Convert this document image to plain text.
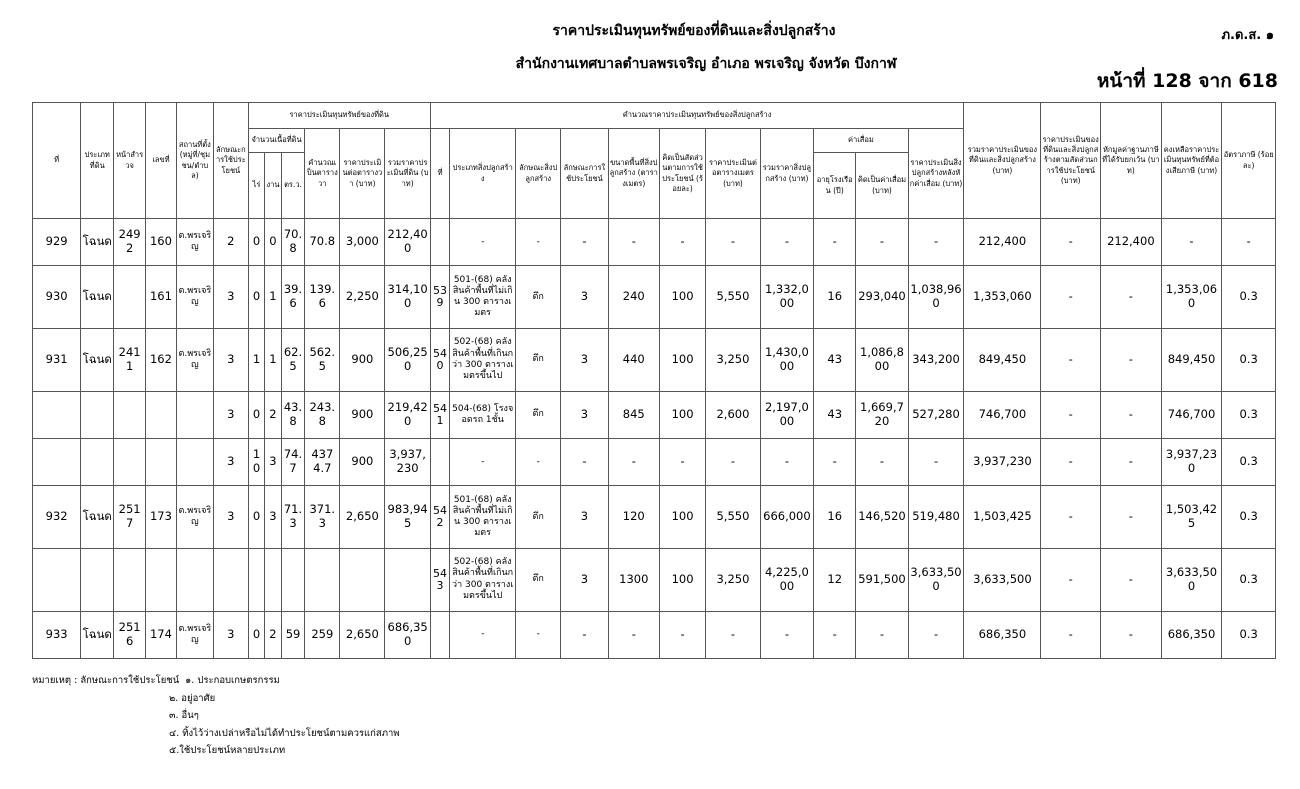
ราคาประเมินทุนทรัพย์ของที่ดินและสิ่งปลูกสร้าง
สำนักงานเทศบาลตำบลพรเจริญ อำเภอ พรเจริญ จังหวัด บึงกาฬ
ภ.ด.ส. ๑
หน้าที่ 128 จาก 618
ที่	ประเภทที่ดิน	หน้าสำรวจ	เลขที่	สถานที่ตั้ง(หมู่ที่/ชุมชน/ตำบล)	ลักษณะการใช้ประโยชน์	ราคาประเมินทุนทรัพย์ของที่ดิน						คำนวณราคาประเมินทุนทรัพย์ของสิ่งปลูกสร้าง											รวมราคาประเมินของที่ดินและสิ่งปลูกสร้าง (บาท)	ราคาประเมินของที่ดินและสิ่งปลูกสร้างตามสัดส่วนการใช้ประโยชน์ (บาท)	หักมูลค่าฐานภาษีที่ได้รับยกเว้น (บาท)	คงเหลือราคาประเมินทุนทรัพย์ที่ต้องเสียภาษี (บาท)	อัตราภาษี (ร้อยละ)
						จำนวนเนื้อที่ดิน			คำนวณเป็นตารางวา	ราคาประเมินต่อตารางวา (บาท)	รวมราคาประเมินที่ดิน (บาท)	ที่	ประเภทสิ่งปลูกสร้าง	ลักษณะสิ่งปลูกสร้าง	ลักษณะการใช้ประโยชน์	ขนาดพื้นที่สิ่งปลูกสร้าง (ตารางเมตร)	คิดเป็นสัดส่วนตามการใช้ประโยชน์ (ร้อยละ)	ราคาประเมินต่อตารางเมตร (บาท)	รวมราคาสิ่งปลูกสร้าง (บาท)	ค่าเสื่อม		ราคาประเมินสิ่งปลูกสร้างหลังหักค่าเสื่อม (บาท)					
						ไร่	งาน	ตร.ว.												อายุโรงเรือน (ปี)	คิดเป็นค่าเสื่อม (บาท)						
929	โฉนด	2492	160	ต.พรเจริญ	2	0	0	70.8	70.8	3,000	212,400		-	-	-	-	-	-	-	-	-	-	212,400	-	212,400	-	-
930	โฉนด		161	ต.พรเจริญ	3	0	1	39.6	139.6	2,250	314,100	539	501-(68) คลังสินค้าพื้นที่ไม่เกิน 300 ตารางเมตร	ตึก	3	240	100	5,550	1,332,000	16	293,040	1,038,960	1,353,060	-	-	1,353,060	0.3
931	โฉนด	2411	162	ต.พรเจริญ	3	1	1	62.5	562.5	900	506,250	540	502-(68) คลังสินค้าพื้นที่เกินกว่า 300 ตารางเมตรขึ้นไป	ตึก	3	440	100	3,250	1,430,000	43	1,086,800	343,200	849,450	-	-	849,450	0.3
					3	0	2	43.8	243.8	900	219,420	541	504-(68) โรงจอดรถ 1ชั้น	ตึก	3	845	100	2,600	2,197,000	43	1,669,720	527,280	746,700	-	-	746,700	0.3
					3	10	3	74.7	4374.7	900	3,937,230		-	-	-	-	-	-	-	-	-	-	3,937,230	-	-	3,937,230	0.3
932	โฉนด	2517	173	ต.พรเจริญ	3	0	3	71.3	371.3	2,650	983,945	542	501-(68) คลังสินค้าพื้นที่ไม่เกิน 300 ตารางเมตร	ตึก	3	120	100	5,550	666,000	16	146,520	519,480	1,503,425	-	-	1,503,425	0.3
												543	502-(68) คลังสินค้าพื้นที่เกินกว่า 300 ตารางเมตรขึ้นไป	ตึก	3	1300	100	3,250	4,225,000	12	591,500	3,633,500	3,633,500	-	-	3,633,500	0.3
933	โฉนด	2516	174	ต.พรเจริญ	3	0	2	59	259	2,650	686,350		-	-	-	-	-	-	-	-	-	-	686,350	-	-	686,350	0.3
หมายเหตุ : ลักษณะการใช้ประโยชน์ ๑. ประกอบเกษตรกรรม
๒. อยู่อาศัย
๓. อื่นๆ
๔. ทิ้งไว้ว่างเปล่าหรือไม่ได้ทำประโยชน์ตามควรแก่สภาพ
๕.ใช้ประโยชน์หลายประเภท
